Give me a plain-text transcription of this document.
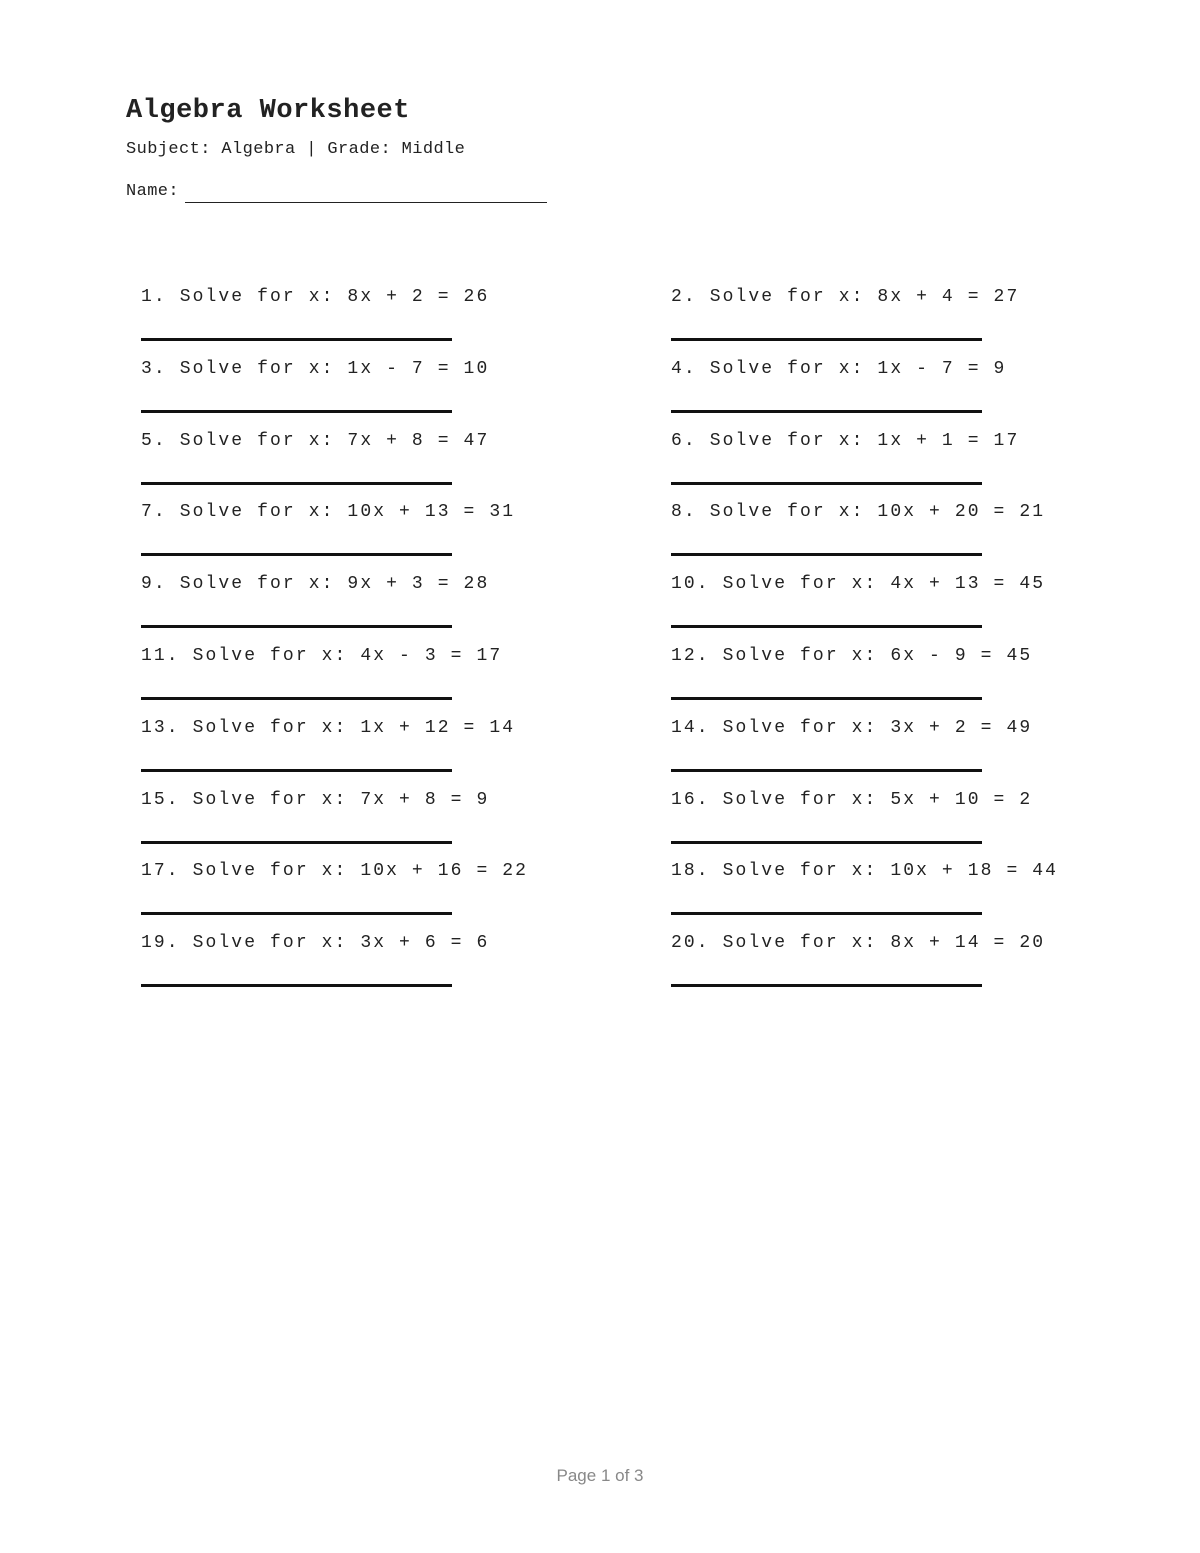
Algebra Worksheet
Subject: Algebra | Grade: Middle
Name:
1. Solve for x: 8x + 2 = 26	2. Solve for x: 8x + 4 = 27
3. Solve for x: 1x - 7 = 10	4. Solve for x: 1x - 7 = 9
5. Solve for x: 7x + 8 = 47	6. Solve for x: 1x + 1 = 17
7. Solve for x: 10x + 13 = 31	8. Solve for x: 10x + 20 = 21
9. Solve for x: 9x + 3 = 28	10. Solve for x: 4x + 13 = 45
11. Solve for x: 4x - 3 = 17	12. Solve for x: 6x - 9 = 45
13. Solve for x: 1x + 12 = 14	14. Solve for x: 3x + 2 = 49
15. Solve for x: 7x + 8 = 9	16. Solve for x: 5x + 10 = 2
17. Solve for x: 10x + 16 = 22	18. Solve for x: 10x + 18 = 44
19. Solve for x: 3x + 6 = 6	20. Solve for x: 8x + 14 = 20
Page 1 of 3
